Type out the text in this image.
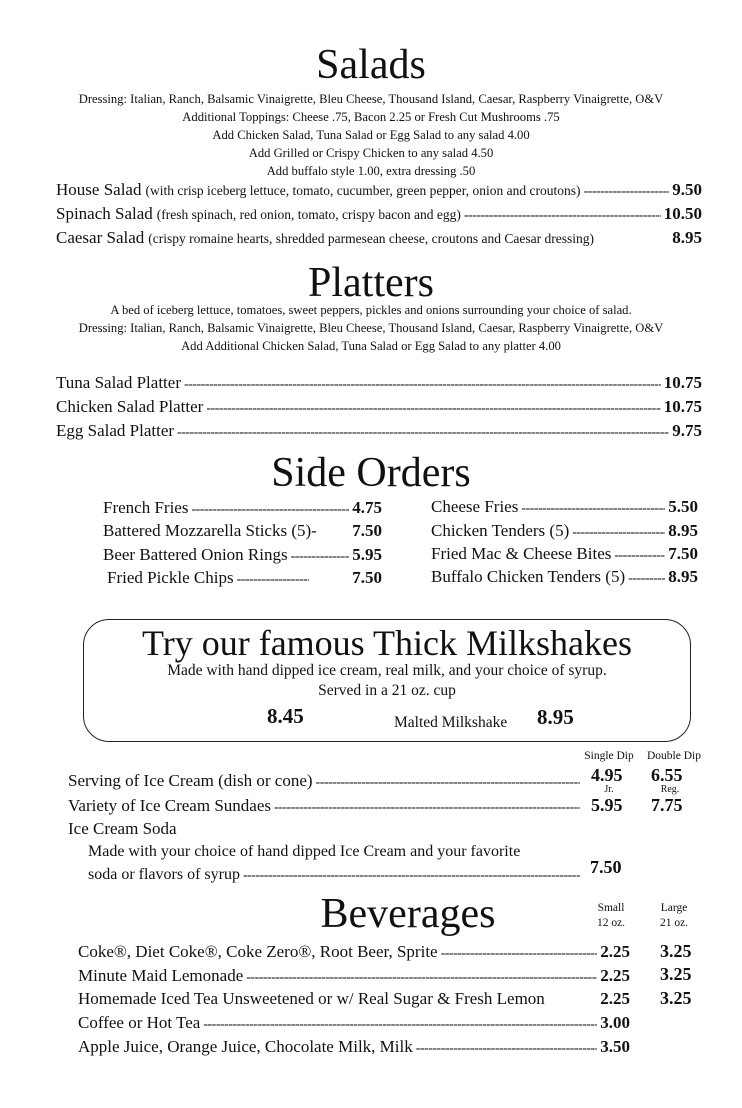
Salads
Dressing: Italian, Ranch, Balsamic Vinaigrette, Bleu Cheese, Thousand Island, Caesar, Raspberry Vinaigrette, O&V
Additional Toppings: Cheese .75, Bacon 2.25 or Fresh Cut Mushrooms .75
Add Chicken Salad, Tuna Salad or Egg Salad to any salad 4.00
Add Grilled or Crispy Chicken to any salad 4.50
Add buffalo style 1.00, extra dressing .50
House Salad (with crisp iceberg lettuce, tomato, cucumber, green pepper, onion and croutons) -----	9.50
Spinach Salad (fresh spinach, red onion, tomato, crispy bacon and egg) -----	10.50
Caesar Salad (crispy romaine hearts, shredded parmesean cheese, croutons and Caesar dressing)	8.95
Platters
A bed of iceberg lettuce, tomatoes, sweet peppers, pickles and onions surrounding your choice of salad.
Dressing: Italian, Ranch, Balsamic Vinaigrette, Bleu Cheese, Thousand Island, Caesar, Raspberry Vinaigrette, O&V
Add Additional Chicken Salad, Tuna Salad or Egg Salad to any platter 4.00
Tuna Salad Platter -----	10.75
Chicken Salad Platter -----	10.75
Egg Salad Platter -----	9.75
Side Orders
French Fries -----	4.75
Battered Mozzarella Sticks (5)- 7.50
Beer Battered Onion Rings -----	5.95
Fried Pickle Chips -----	7.50
Cheese Fries -----	5.50
Chicken Tenders (5) -----	8.95
Fried Mac & Cheese Bites -----	7.50
Buffalo Chicken Tenders (5) -----	8.95
Try our famous Thick Milkshakes
Made with hand dipped ice cream, real milk, and your choice of syrup.
Served in a 21 oz. cup
8.45	Malted Milkshake 8.95
Single Dip	Double Dip
Serving of Ice Cream (dish or cone) -----	4.95 6.55
Jr.	Reg.
Variety of Ice Cream Sundaes -----	5.95 7.75
Ice Cream Soda
Made with your choice of hand dipped Ice Cream and your favorite
soda or flavors of syrup -----	7.50
Beverages	Small
12 oz.
Large
21 oz.
Coke®, Diet Coke®, Coke Zero®, Root Beer, Sprite -----	2.25 3.25
Minute Maid Lemonade -----	2.25 3.25
Homemade Iced Tea Unsweetened or w/ Real Sugar & Fresh Lemon	2.25 3.25
Coffee or Hot Tea -----	3.00
Apple Juice, Orange Juice, Chocolate Milk, Milk -----	3.50
